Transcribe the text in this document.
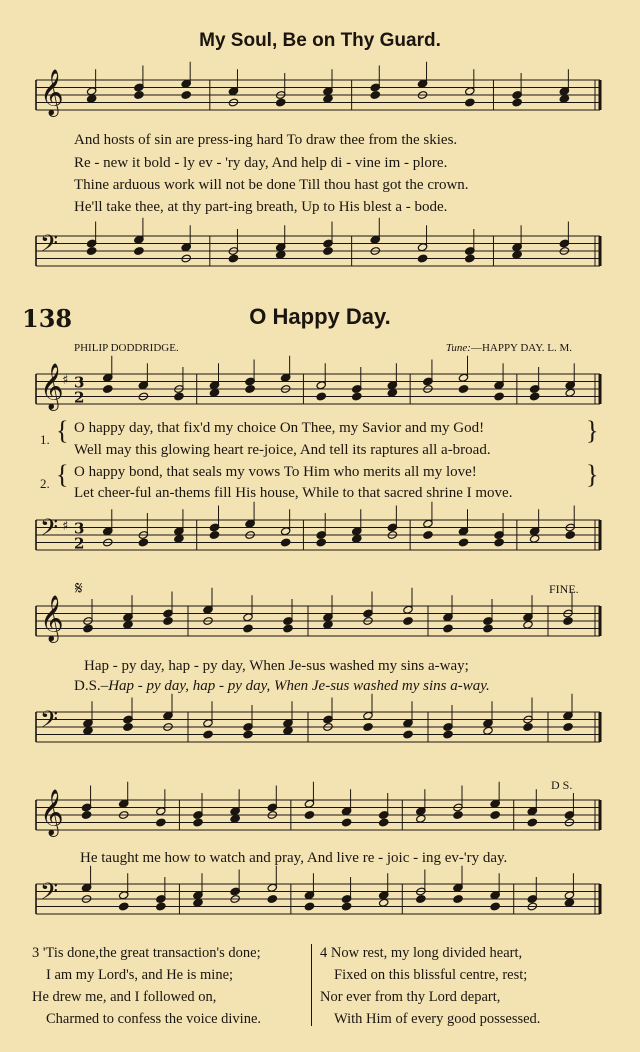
My Soul, Be on Thy Guard.
𝄞
And hosts of sin are press-ing hard To draw thee from the skies.
Re - new it bold - ly ev - 'ry day, And help di - vine im - plore.
Thine arduous work will not be done Till thou hast got the crown.
He'll take thee, at thy part-ing breath, Up to His blest a - bode.
𝄢
138	O Happy Day.
PHILIP DODDRIDGE.	Tune:—HAPPY DAY. L. M.
𝄞 3
2
♯
1. { O happy day, that fix'd my choice On Thee, my Savior and my God!
Well may this glowing heart re-joice, And tell its raptures all a-broad.
}
2. { O happy bond, that seals my vows To Him who merits all my love!
Let cheer-ful an-thems fill His house, While to that sacred shrine I move.
}
𝄢 3
2
♯
𝄋	FINE.
𝄞
Hap - py day, hap - py day, When Je-sus washed my sins a-way;
D.S.–Hap - py day, hap - py day, When Je-sus washed my sins a-way.
𝄢
D S.
𝄞
He taught me how to watch and pray, And live re - joic - ing ev-'ry day.
𝄢
3 'Tis done,the great transaction's done;
I am my Lord's, and He is mine;
He drew me, and I followed on,
Charmed to confess the voice divine.
4 Now rest, my long divided heart,
Fixed on this blissful centre, rest;
Nor ever from thy Lord depart,
With Him of every good possessed.
